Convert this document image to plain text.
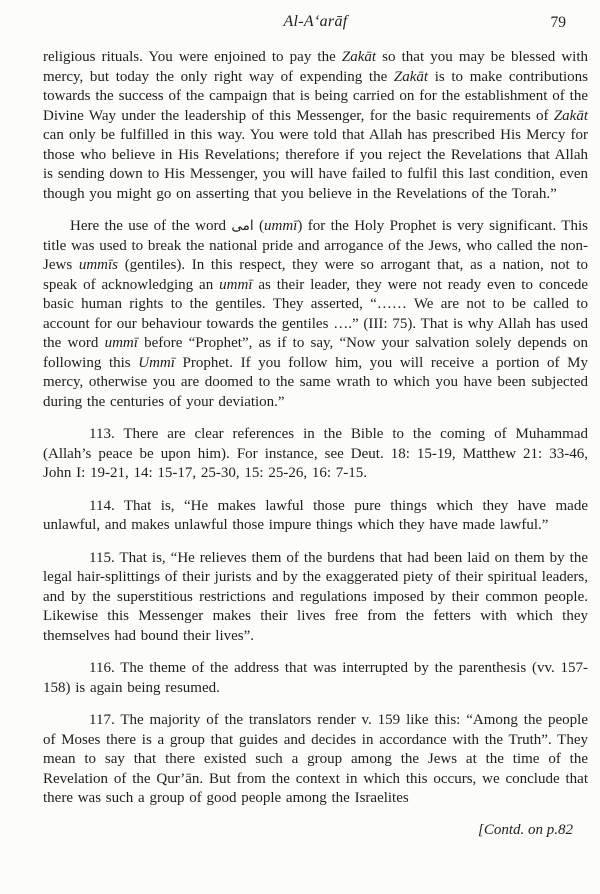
Al-A‘arāf	79

religious rituals. You were enjoined to pay the Zakāt so that you may be blessed with mercy, but today the only right way of expending the Zakāt is to make contributions towards the success of the campaign that is being carried on for the establishment of the Divine Way under the leadership of this Messenger, for the basic requirements of Zakāt can only be fulfilled in this way. You were told that Allah has prescribed His Mercy for those who believe in His Revelations; therefore if you reject the Revelations that Allah is sending down to His Messenger, you will have failed to fulfil this last condition, even though you might go on asserting that you believe in the Revelations of the Torah.”

Here the use of the word امی (ummī) for the Holy Prophet is very significant. This title was used to break the national pride and arrogance of the Jews, who called the non-Jews ummīs (gentiles). In this respect, they were so arrogant that, as a nation, not to speak of acknowledging an ummī as their leader, they were not ready even to concede basic human rights to the gentiles. They asserted, “…… We are not to be called to account for our behaviour towards the gentiles ….” (III: 75). That is why Allah has used the word ummī before “Prophet”, as if to say, “Now your salvation solely depends on following this Ummī Prophet. If you follow him, you will receive a portion of My mercy, otherwise you are doomed to the same wrath to which you have been subjected during the centuries of your deviation.”

113. There are clear references in the Bible to the coming of Muhammad (Allah’s peace be upon him). For instance, see Deut. 18: 15-19, Matthew 21: 33-46, John I: 19-21, 14: 15-17, 25-30, 15: 25-26, 16: 7-15.

114. That is, “He makes lawful those pure things which they have made unlawful, and makes unlawful those impure things which they have made lawful.”

115. That is, “He relieves them of the burdens that had been laid on them by the legal hair-splittings of their jurists and by the exaggerated piety of their spiritual leaders, and by the superstitious restrictions and regulations imposed by their common people. Likewise this Messenger makes their lives free from the fetters with which they themselves had bound their lives”.

116. The theme of the address that was interrupted by the parenthesis (vv. 157-158) is again being resumed.

117. The majority of the translators render v. 159 like this: “Among the people of Moses there is a group that guides and decides in accordance with the Truth”. They mean to say that there existed such a group among the Jews at the time of the Revelation of the Qur’ān. But from the context in which this occurs, we conclude that there was such a group of good people among the Israelites

[Contd. on p.82
